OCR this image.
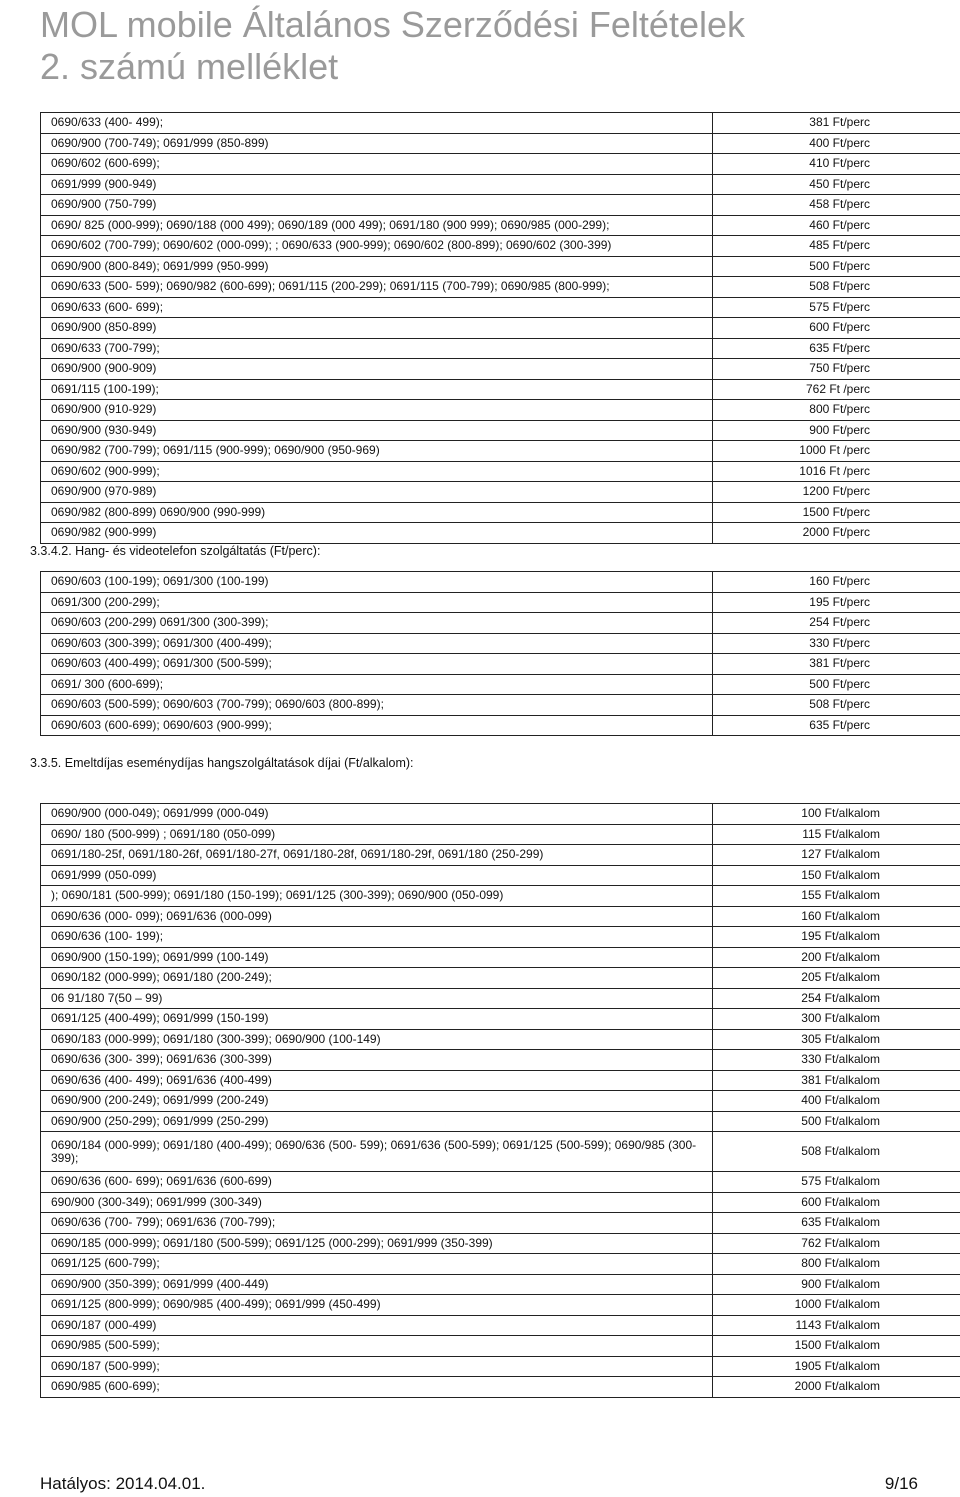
MOL mobile Általános Szerződési Feltételek
2. számú melléklet
0690/633 (400- 499);	381 Ft/perc
0690/900 (700-749); 0691/999 (850-899)	400 Ft/perc
0690/602 (600-699);	410 Ft/perc
0691/999 (900-949)	450 Ft/perc
0690/900 (750-799)	458 Ft/perc
0690/ 825 (000-999); 0690/188 (000 499); 0690/189 (000 499); 0691/180 (900 999); 0690/985 (000-299);	460 Ft/perc
0690/602 (700-799); 0690/602 (000-099); ; 0690/633 (900-999); 0690/602 (800-899); 0690/602 (300-399)	485 Ft/perc
0690/900 (800-849); 0691/999 (950-999)	500 Ft/perc
0690/633 (500- 599); 0690/982 (600-699); 0691/115 (200-299); 0691/115 (700-799); 0690/985 (800-999);	508 Ft/perc
0690/633 (600- 699);	575 Ft/perc
0690/900 (850-899)	600 Ft/perc
0690/633 (700-799);	635 Ft/perc
0690/900 (900-909)	750 Ft/perc
0691/115 (100-199);	762 Ft /perc
0690/900 (910-929)	800 Ft/perc
0690/900 (930-949)	900 Ft/perc
0690/982 (700-799); 0691/115 (900-999); 0690/900 (950-969)	1000 Ft /perc
0690/602 (900-999);	1016 Ft /perc
0690/900 (970-989)	1200 Ft/perc
0690/982 (800-899) 0690/900 (990-999)	1500 Ft/perc
0690/982 (900-999)	2000 Ft/perc
3.3.4.2. Hang- és videotelefon szolgáltatás (Ft/perc):
0690/603 (100-199); 0691/300 (100-199)	160 Ft/perc
0691/300 (200-299);	195 Ft/perc
0690/603 (200-299) 0691/300 (300-399);	254 Ft/perc
0690/603 (300-399); 0691/300 (400-499);	330 Ft/perc
0690/603 (400-499); 0691/300 (500-599);	381 Ft/perc
0691/ 300 (600-699);	500 Ft/perc
0690/603 (500-599); 0690/603 (700-799); 0690/603 (800-899);	508 Ft/perc
0690/603 (600-699); 0690/603 (900-999);	635 Ft/perc
3.3.5. Emeltdíjas eseménydíjas hangszolgáltatások díjai (Ft/alkalom):
0690/900 (000-049); 0691/999 (000-049)	100 Ft/alkalom
0690/ 180 (500-999) ; 0691/180 (050-099)	115 Ft/alkalom
0691/180-25f, 0691/180-26f, 0691/180-27f, 0691/180-28f, 0691/180-29f, 0691/180 (250-299)	127 Ft/alkalom
0691/999 (050-099)	150 Ft/alkalom
); 0690/181 (500-999); 0691/180 (150-199); 0691/125 (300-399); 0690/900 (050-099)	155 Ft/alkalom
0690/636 (000- 099); 0691/636 (000-099)	160 Ft/alkalom
0690/636 (100- 199);	195 Ft/alkalom
0690/900 (150-199); 0691/999 (100-149)	200 Ft/alkalom
0690/182 (000-999); 0691/180 (200-249);	205 Ft/alkalom
06 91/180 7(50 – 99)	254 Ft/alkalom
0691/125 (400-499); 0691/999 (150-199)	300 Ft/alkalom
0690/183 (000-999); 0691/180 (300-399); 0690/900 (100-149)	305 Ft/alkalom
0690/636 (300- 399); 0691/636 (300-399)	330 Ft/alkalom
0690/636 (400- 499); 0691/636 (400-499)	381 Ft/alkalom
0690/900 (200-249); 0691/999 (200-249)	400 Ft/alkalom
0690/900 (250-299); 0691/999 (250-299)	500 Ft/alkalom
0690/184 (000-999); 0691/180 (400-499); 0690/636 (500- 599); 0691/636 (500-599); 0691/125 (500-599); 0690/985 (300-399);	508 Ft/alkalom
0690/636 (600- 699); 0691/636 (600-699)	575 Ft/alkalom
690/900 (300-349); 0691/999 (300-349)	600 Ft/alkalom
0690/636 (700- 799); 0691/636 (700-799);	635 Ft/alkalom
0690/185 (000-999); 0691/180 (500-599); 0691/125 (000-299); 0691/999 (350-399)	762 Ft/alkalom
0691/125 (600-799);	800 Ft/alkalom
0690/900 (350-399); 0691/999 (400-449)	900 Ft/alkalom
0691/125 (800-999); 0690/985 (400-499); 0691/999 (450-499)	1000 Ft/alkalom
0690/187 (000-499)	1143 Ft/alkalom
0690/985 (500-599);	1500 Ft/alkalom
0690/187 (500-999);	1905 Ft/alkalom
0690/985 (600-699);	2000 Ft/alkalom
Hatályos: 2014.04.01.	9/16
